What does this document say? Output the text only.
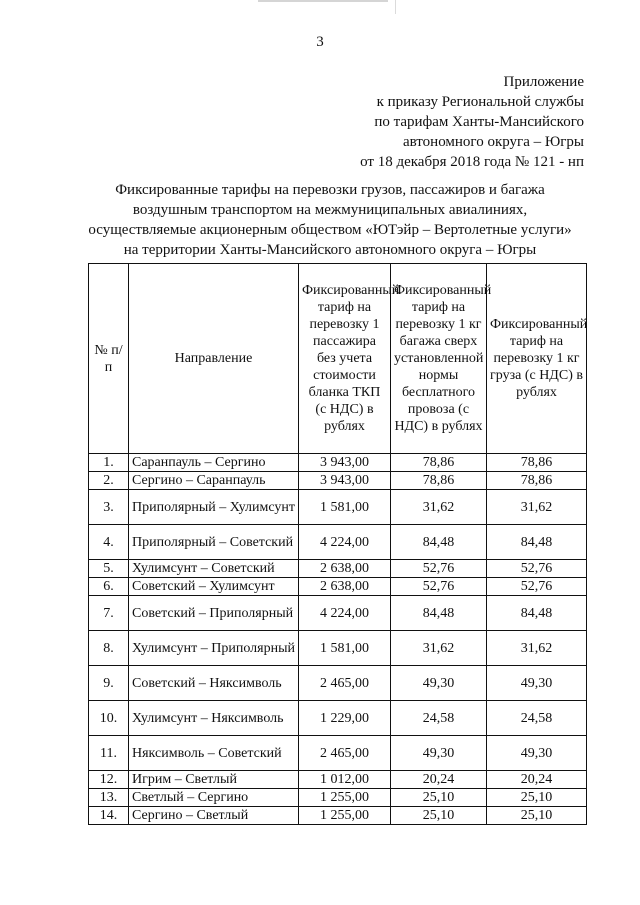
3
Приложение
к приказу Региональной службы
по тарифам Ханты-Мансийского
автономного округа – Югры
от 18 декабря 2018 года № 121 - нп
Фиксированные тарифы на перевозки грузов, пассажиров и багажа
воздушным транспортом на межмуниципальных авиалиниях,
осуществляемые акционерным обществом «ЮТэйр – Вертолетные услуги»
на территории Ханты-Мансийского автономного округа – Югры
№ п/п	Направление	Фиксированный тариф на перевозку 1 пассажира без учета стоимости бланка ТКП (с НДС) в рублях	Фиксированный тариф на перевозку 1 кг багажа сверх установленной нормы бесплатного провоза (с НДС) в рублях	Фиксированный тариф на перевозку 1 кг груза (с НДС) в рублях
1.	Саранпауль – Сергино	3 943,00	78,86	78,86
2.	Сергино – Саранпауль	3 943,00	78,86	78,86
3.	Приполярный – Хулимсунт	1 581,00	31,62	31,62
4.	Приполярный – Советский	4 224,00	84,48	84,48
5.	Хулимсунт – Советский	2 638,00	52,76	52,76
6.	Советский – Хулимсунт	2 638,00	52,76	52,76
7.	Советский – Приполярный	4 224,00	84,48	84,48
8.	Хулимсунт – Приполярный	1 581,00	31,62	31,62
9.	Советский – Няксимволь	2 465,00	49,30	49,30
10.	Хулимсунт – Няксимволь	1 229,00	24,58	24,58
11.	Няксимволь – Советский	2 465,00	49,30	49,30
12.	Игрим – Светлый	1 012,00	20,24	20,24
13.	Светлый – Сергино	1 255,00	25,10	25,10
14.	Сергино – Светлый	1 255,00	25,10	25,10
